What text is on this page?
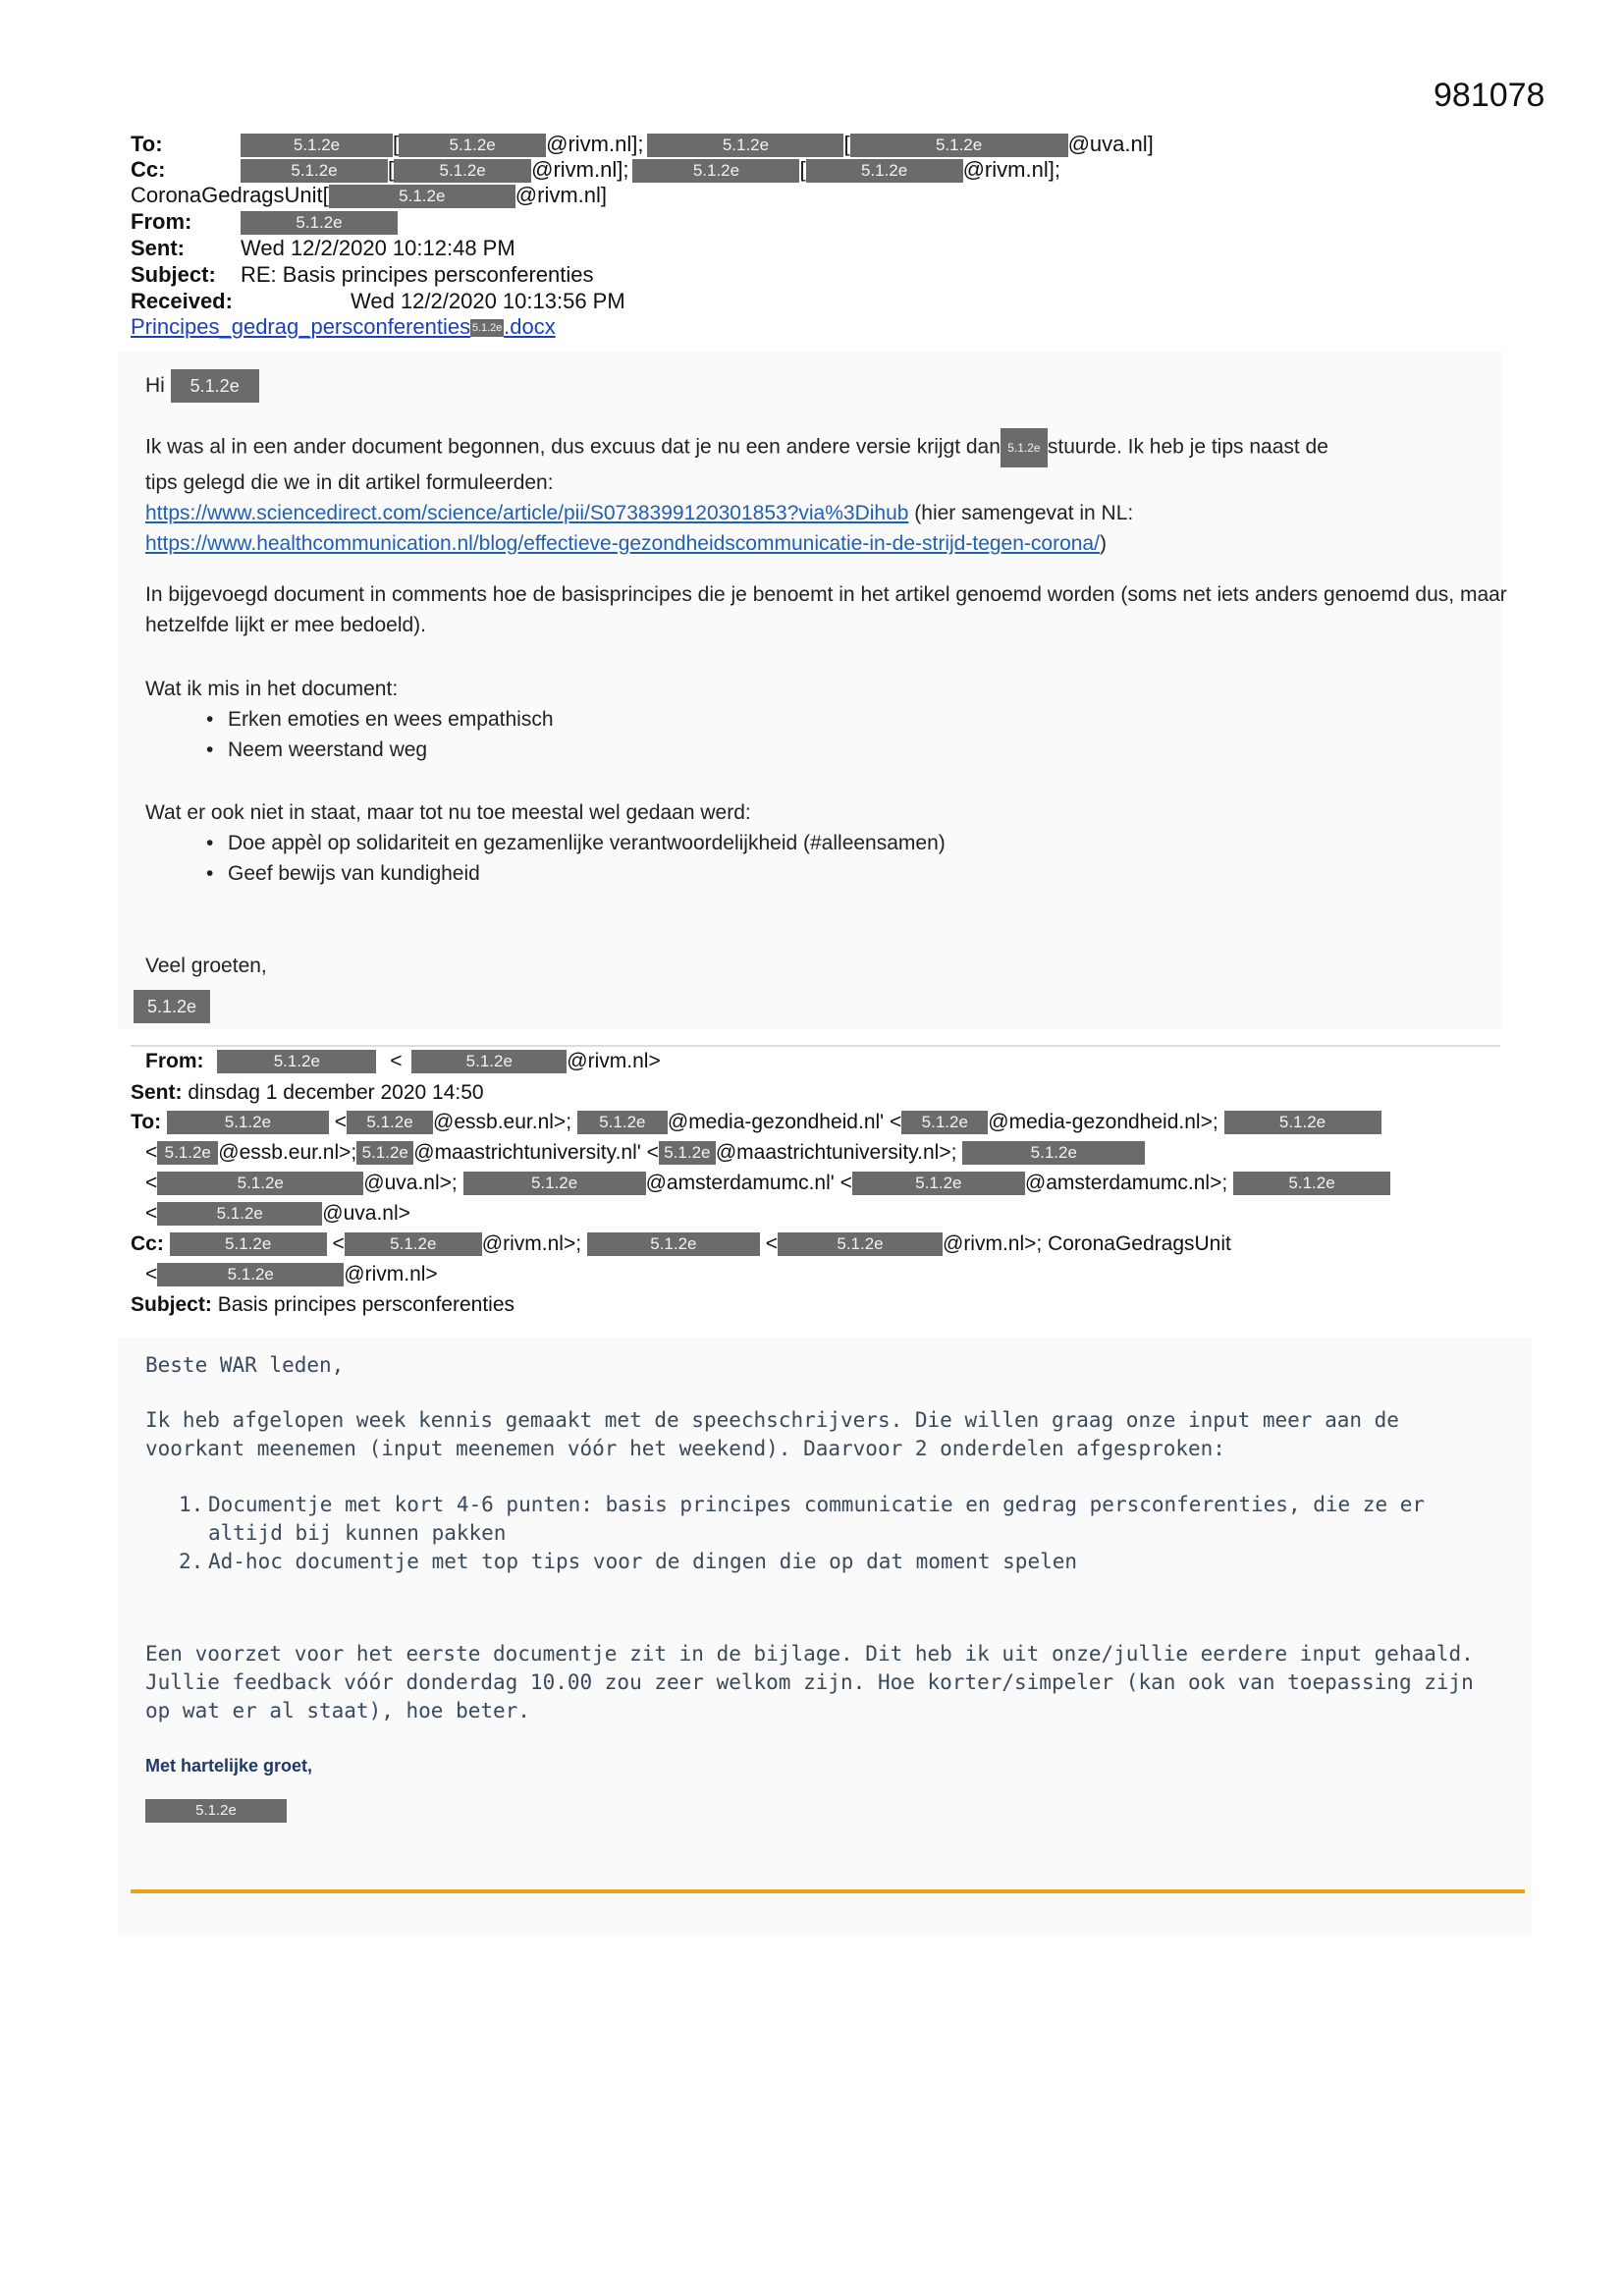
981078
To:	5.1.2e [	5.1.2e @rivm.nl];	5.1.2e	[	5.1.2e	@uva.nl]
Cc:	5.1.2e [	5.1.2e @rivm.nl];	5.1.2e	[	5.1.2e	@rivm.nl];
CoronaGedragsUnit[	5.1.2e	@rivm.nl]
From:	5.1.2e
Sent:	Wed 12/2/2020 10:12:48 PM
Subject: RE: Basis principes persconferenties
Received:	Wed 12/2/2020 10:13:56 PM
Principes_gedrag_persconferenties 5.1.2e.docx
Hi 5.1.2e

Ik was al in een ander document begonnen, dus excuus dat je nu een andere versie krijgt dan 5.1.2e stuurde. Ik heb je tips naast de

tips gelegd die we in dit artikel formuleerden:

https://www.sciencedirect.com/science/article/pii/S0738399120301853?via%3Dihub (hier samengevat in NL:

https://www.healthcommunication.nl/blog/effectieve-gezondheidscommunicatie-in-de-strijd-tegen-corona/)

In bijgevoegd document in comments hoe de basisprincipes die je benoemt in het artikel genoemd worden (soms net iets anders genoemd dus, maar hetzelfde lijkt er mee bedoeld).

Wat ik mis in het document:

• Erken emoties en wees empathisch
• Neem weerstand weg

Wat er ook niet in staat, maar tot nu toe meestal wel gedaan werd:

• Doe appèl op solidariteit en gezamenlijke verantwoordelijkheid (#alleensamen)
• Geef bewijs van kundigheid
Veel groeten,
5.1.2e
From:	5.1.2e	<	5.1.2e	@rivm.nl>
Sent: dinsdag 1 december 2020 14:50
To:	5.1.2e	< 5.1.2e @essb.eur.nl>; 5.1.2e @media-gezondheid.nl' < 5.1.2e @media-gezondheid.nl>;	5.1.2e
< 5.1.2e @essb.eur.nl>; 5.1.2e @maastrichtuniversity.nl' < 5.1.2e @maastrichtuniversity.nl>;	5.1.2e
<	5.1.2e	@uva.nl>;	5.1.2e	@amsterdamumc.nl' <	5.1.2e	@amsterdamumc.nl>;	5.1.2e
<	5.1.2e	@uva.nl>
Cc:	5.1.2e	<	5.1.2e @rivm.nl>;	5.1.2e	<	5.1.2e	@rivm.nl>; CoronaGedragsUnit
<	5.1.2e	@rivm.nl>
Subject: Basis principes persconferenties
Beste WAR leden,
Ik heb afgelopen week kennis gemaakt met de speechschrijvers. Die willen graag onze input meer aan de voorkant meenemen (input meenemen vóór het weekend). Daarvoor 2 onderdelen afgesproken:
1. Documentje met kort 4-6 punten: basis principes communicatie en gedrag persconferenties, die ze er altijd bij kunnen pakken
2. Ad-hoc documentje met top tips voor de dingen die op dat moment spelen
Een voorzet voor het eerste documentje zit in de bijlage. Dit heb ik uit onze/jullie eerdere input gehaald. Jullie feedback vóór donderdag 10.00 zou zeer welkom zijn. Hoe korter/simpeler (kan ook van toepassing zijn op wat er al staat), hoe beter.
Met hartelijke groet,
5.1.2e
